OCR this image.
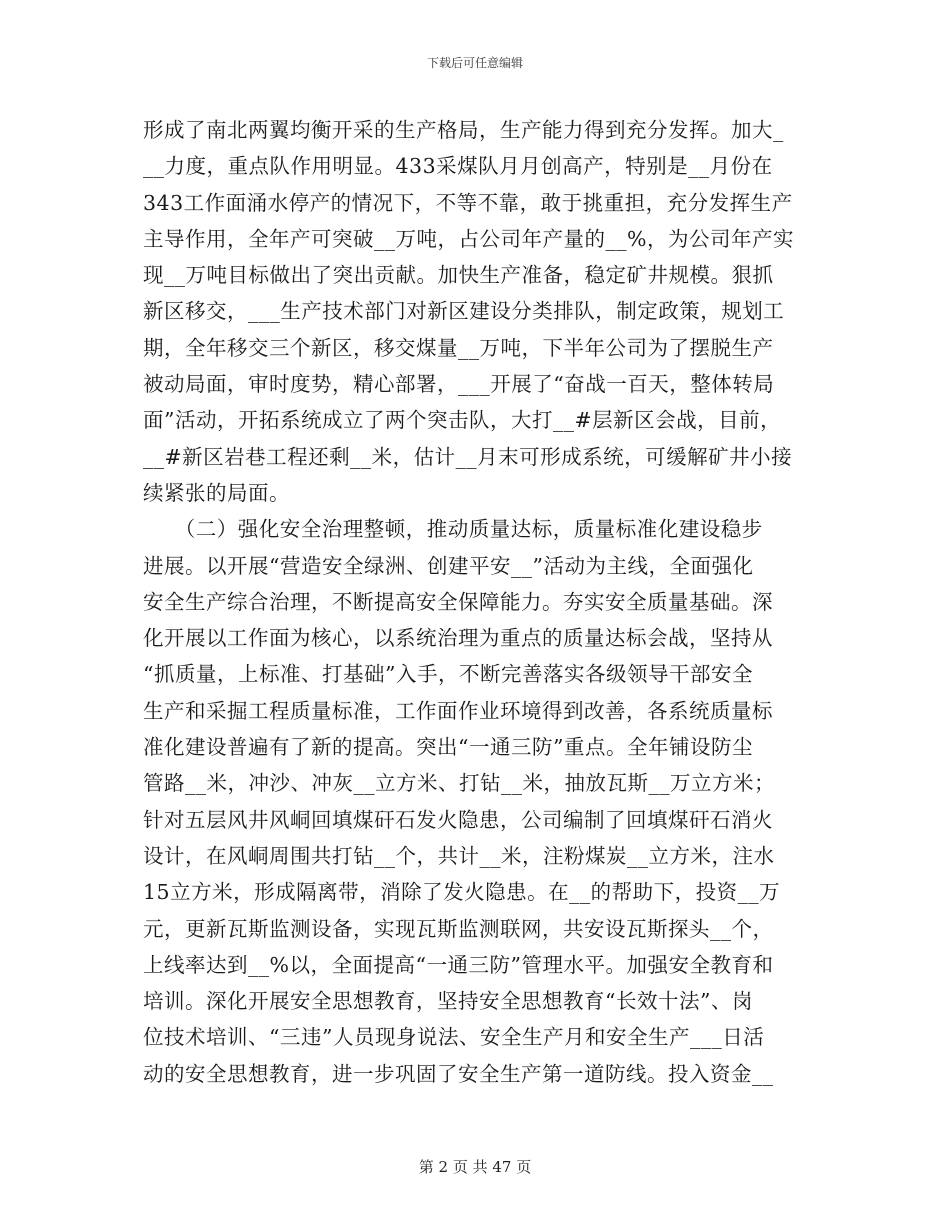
下载后可任意编辑
形成了南北两翼均衡开采的生产格局，生产能力得到充分发挥。加大_
__力度，重点队作用明显。433采煤队月月创高产，特别是__月份在
343工作面涌水停产的情况下，不等不靠，敢于挑重担，充分发挥生产
主导作用，全年产可突破__万吨，占公司年产量的__%，为公司年产实
现__万吨目标做出了突出贡献。加快生产准备，稳定矿井规模。狠抓
新区移交，___生产技术部门对新区建设分类排队，制定政策，规划工
期，全年移交三个新区，移交煤量__万吨，下半年公司为了摆脱生产
被动局面，审时度势，精心部署，___开展了“奋战一百天，整体转局
面”活动，开拓系统成立了两个突击队，大打__#层新区会战，目前，
__#新区岩巷工程还剩__米，估计__月末可形成系统，可缓解矿井小接
续紧张的局面。
　　（二）强化安全治理整顿，推动质量达标，质量标准化建设稳步
进展。以开展“营造安全绿洲、创建平安__”活动为主线，全面强化
安全生产综合治理，不断提高安全保障能力。夯实安全质量基础。深
化开展以工作面为核心，以系统治理为重点的质量达标会战，坚持从
“抓质量，上标准、打基础”入手，不断完善落实各级领导干部安全
生产和采掘工程质量标准，工作面作业环境得到改善，各系统质量标
准化建设普遍有了新的提高。突出“一通三防”重点。全年铺设防尘
管路__米，冲沙、冲灰__立方米、打钻__米，抽放瓦斯__万立方米；
针对五层风井风峒回填煤矸石发火隐患，公司编制了回填煤矸石消火
设计，在风峒周围共打钻__个，共计__米，注粉煤炭__立方米，注水
15立方米，形成隔离带，消除了发火隐患。在__的帮助下，投资__万
元，更新瓦斯监测设备，实现瓦斯监测联网，共安设瓦斯探头__个，
上线率达到__%以，全面提高“一通三防”管理水平。加强安全教育和
培训。深化开展安全思想教育，坚持安全思想教育“长效十法”、岗
位技术培训、“三违”人员现身说法、安全生产月和安全生产___日活
动的安全思想教育，进一步巩固了安全生产第一道防线。投入资金__
第 2 页 共 47 页
